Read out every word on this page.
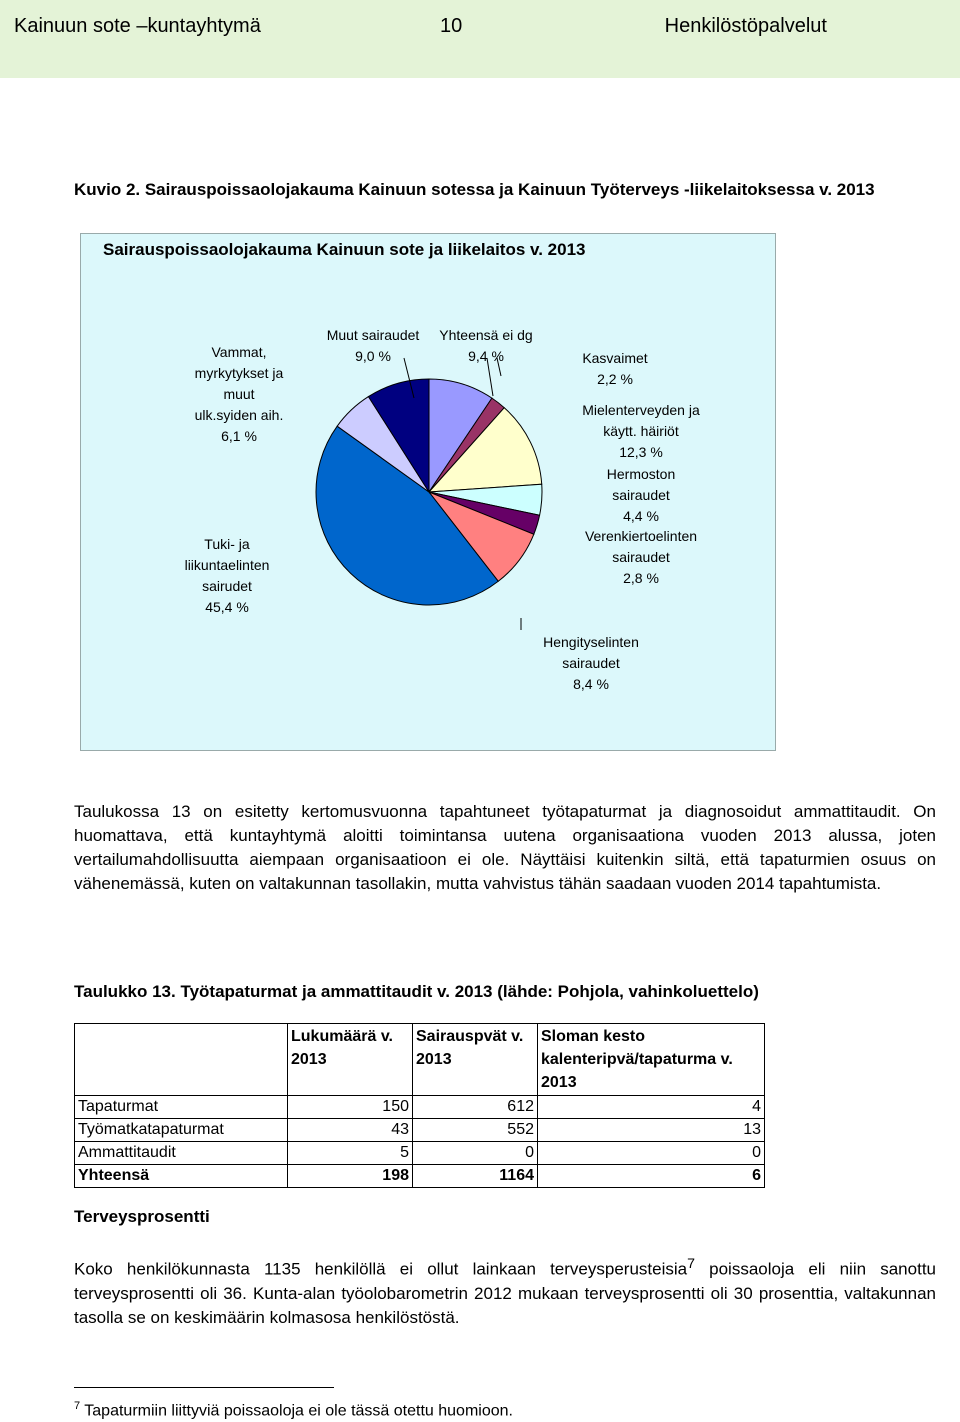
Kainuun sote –kuntayhtymä	10	Henkilöstöpalvelut
Kuvio 2. Sairauspoissaolojakauma Kainuun sotessa ja Kainuun Työterveys -liikelaitoksessa v. 2013
Sairauspoissaolojakauma Kainuun sote ja liikelaitos v. 2013
Vammat,
myrkytykset ja muut
ulk.syiden aih.
6,1 %
Muut sairaudet
9,0 %
Yhteensä ei dg
9,4 %	Kasvaimet
2,2 %
Mielenterveyden ja
käytt. häiriöt
12,3 %
Hermoston
sairaudet
4,4 %
Verenkiertoelinten
sairaudet
2,8 %
Hengityselinten
sairaudet
8,4 %
Tuki- ja
liikuntaelinten
sairudet
45,4 %
Taulukossa 13 on esitetty kertomusvuonna tapahtuneet työtapaturmat ja diagnosoidut ammattitaudit. On huomattava, että kuntayhtymä aloitti toimintansa uutena organisaationa vuoden 2013 alussa, joten vertailumahdollisuutta aiempaan organisaatioon ei ole. Näyttäisi kuitenkin siltä, että tapaturmien osuus on vähenemässä, kuten on valtakunnan tasollakin, mutta vahvistus tähän saadaan vuoden 2014 tapahtumista.
Taulukko 13. Työtapaturmat ja ammattitaudit v. 2013 (lähde: Pohjola, vahinkoluettelo)
	Lukumäärä v. 2013	Sairauspvät v. 2013	Sloman kesto kalenteripvä/tapaturma v. 2013
Tapaturmat	150	612	4
Työmatkatapaturmat	43	552	13
Ammattitaudit	5	0	0
Yhteensä	198	1164	6
Terveysprosentti
Koko henkilökunnasta 1135 henkilöllä ei ollut lainkaan terveysperusteisia$^7$ poissaoloja eli niin sanottu terveysprosentti oli 36. Kunta-alan työolobarometrin 2012 mukaan terveysprosentti oli 30 prosenttia, valtakunnan tasolla se on keskimäärin kolmasosa henkilöstöstä.
$^7$ Tapaturmiin liittyviä poissaoloja ei ole tässä otettu huomioon.
